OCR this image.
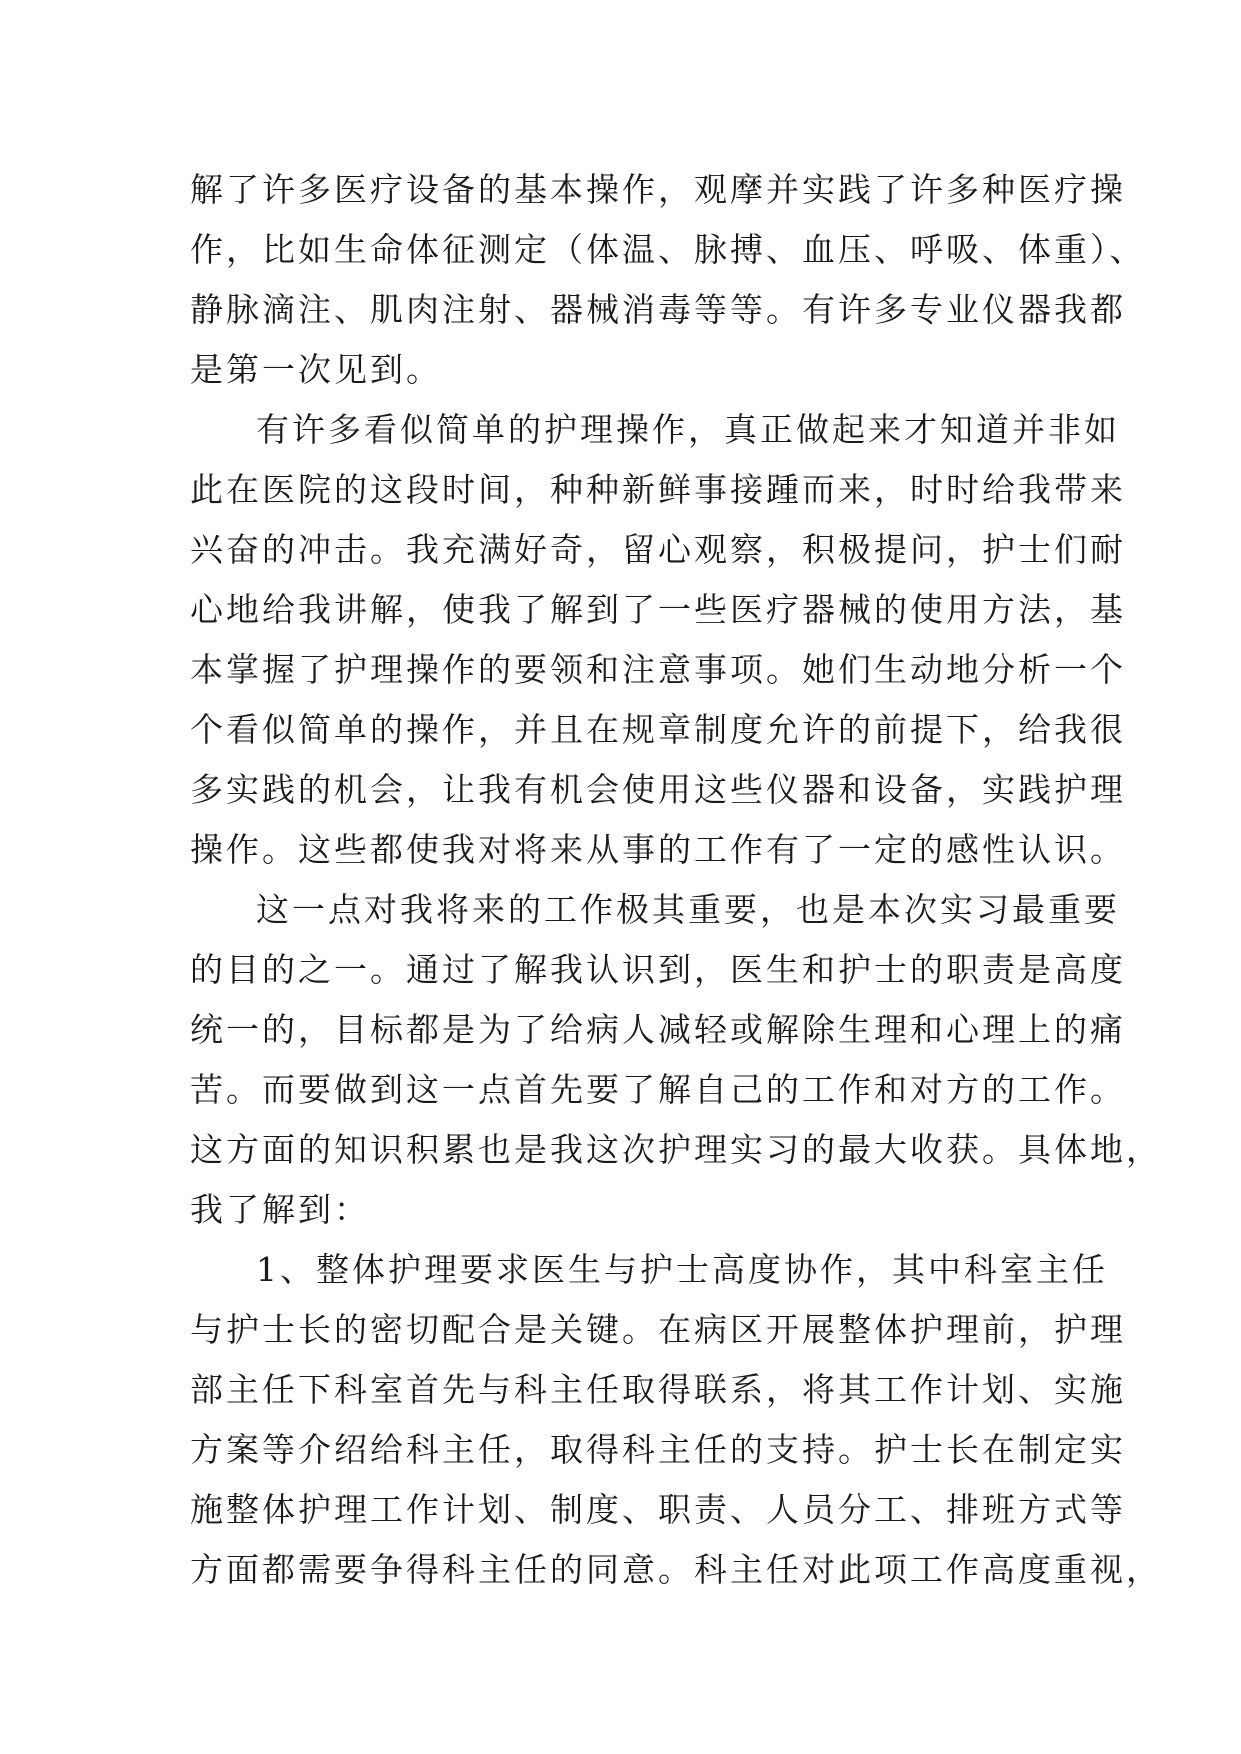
解了许多医疗设备的基本操作，观摩并实践了许多种医疗操
作，比如生命体征测定（体温、脉搏、血压、呼吸、体重）、
静脉滴注、肌肉注射、器械消毒等等。有许多专业仪器我都
是第一次见到。
有许多看似简单的护理操作，真正做起来才知道并非如
此在医院的这段时间，种种新鲜事接踵而来，时时给我带来
兴奋的冲击。我充满好奇，留心观察，积极提问，护士们耐
心地给我讲解，使我了解到了一些医疗器械的使用方法，基
本掌握了护理操作的要领和注意事项。她们生动地分析一个
个看似简单的操作，并且在规章制度允许的前提下，给我很
多实践的机会，让我有机会使用这些仪器和设备，实践护理
操作。这些都使我对将来从事的工作有了一定的感性认识。
这一点对我将来的工作极其重要，也是本次实习最重要
的目的之一。通过了解我认识到，医生和护士的职责是高度
统一的，目标都是为了给病人减轻或解除生理和心理上的痛
苦。而要做到这一点首先要了解自己的工作和对方的工作。
这方面的知识积累也是我这次护理实习的最大收获。具体地，
我了解到：
1、整体护理要求医生与护士高度协作，其中科室主任
与护士长的密切配合是关键。在病区开展整体护理前，护理
部主任下科室首先与科主任取得联系，将其工作计划、实施
方案等介绍给科主任，取得科主任的支持。护士长在制定实
施整体护理工作计划、制度、职责、人员分工、排班方式等
方面都需要争得科主任的同意。科主任对此项工作高度重视，
